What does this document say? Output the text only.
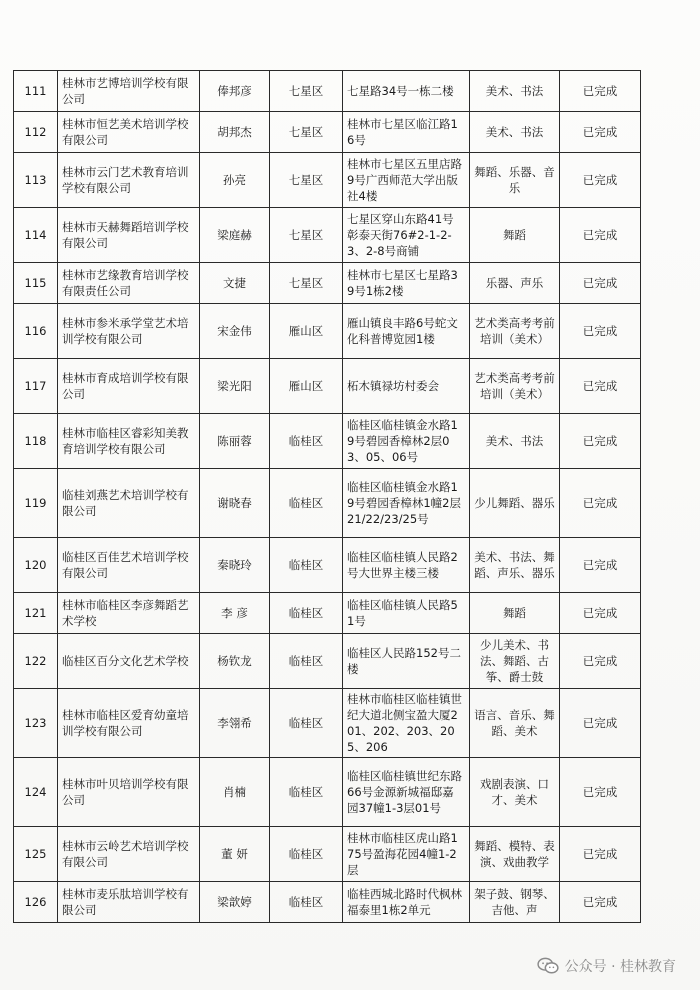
111	桂林市艺博培训学校有限公司	俸邦彦	七星区	七星路34号一栋二楼	美术、书法	已完成
112	桂林市恒艺美术培训学校有限公司	胡邦杰	七星区	桂林市七星区临江路16号	美术、书法	已完成
113	桂林市云门艺术教育培训学校有限公司	孙亮	七星区	桂林市七星区五里店路9号广西师范大学出版社4楼	舞蹈、乐器、音乐	已完成
114	桂林市天赫舞蹈培训学校有限公司	梁庭赫	七星区	七星区穿山东路41号彰泰天街76#2-1-2-3、2-8号商铺	舞蹈	已完成
115	桂林市艺缘教育培训学校有限责任公司	文捷	七星区	桂林市七星区七星路39号1栋2楼	乐器、声乐	已完成
116	桂林市参米承学堂艺术培训学校有限公司	宋金伟	雁山区	雁山镇良丰路6号蛇文化科普博览园1楼	艺术类高考考前培训（美术）	已完成
117	桂林市育成培训学校有限公司	梁光阳	雁山区	柘木镇禄坊村委会	艺术类高考考前培训（美术）	已完成
118	桂林市临桂区睿彩知美教育培训学校有限公司	陈丽蓉	临桂区	临桂区临桂镇金水路19号碧园香樟林2层03、05、06号	美术、书法	已完成
119	临桂刘燕艺术培训学校有限公司	谢晓春	临桂区	临桂区临桂镇金水路19号碧园香樟林1幢2层21/22/23/25号	少儿舞蹈、器乐	已完成
120	临桂区百佳艺术培训学校有限公司	秦晓玲	临桂区	临桂区临桂镇人民路2号大世界主楼三楼	美术、书法、舞蹈、声乐、器乐	已完成
121	桂林市临桂区李彦舞蹈艺术学校	李 彦	临桂区	临桂区临桂镇人民路51号	舞蹈	已完成
122	临桂区百分文化艺术学校	杨钦龙	临桂区	临桂区人民路152号二楼	少儿美术、书法、舞蹈、古筝、爵士鼓	已完成
123	桂林市临桂区爱育幼童培训学校有限公司	李翎希	临桂区	桂林市临桂区临桂镇世纪大道北侧宝盈大厦201、202、203、205、206	语言、音乐、舞蹈、美术	已完成
124	桂林市叶贝培训学校有限公司	肖楠	临桂区	临桂区临桂镇世纪东路66号金源新城福邸嘉园37幢1-3层01号	戏剧表演、口才、美术	已完成
125	桂林市云岭艺术培训学校有限公司	董 妍	临桂区	桂林市临桂区虎山路175号盈海花园4幢1-2层	舞蹈、模特、表演、戏曲教学	已完成
126	桂林市麦乐肽培训学校有限公司	梁歆婷	临桂区	临桂西城北路时代枫林福泰里1栋2单元	架子鼓、钢琴、吉他、声	已完成
公众号 · 桂林教育
